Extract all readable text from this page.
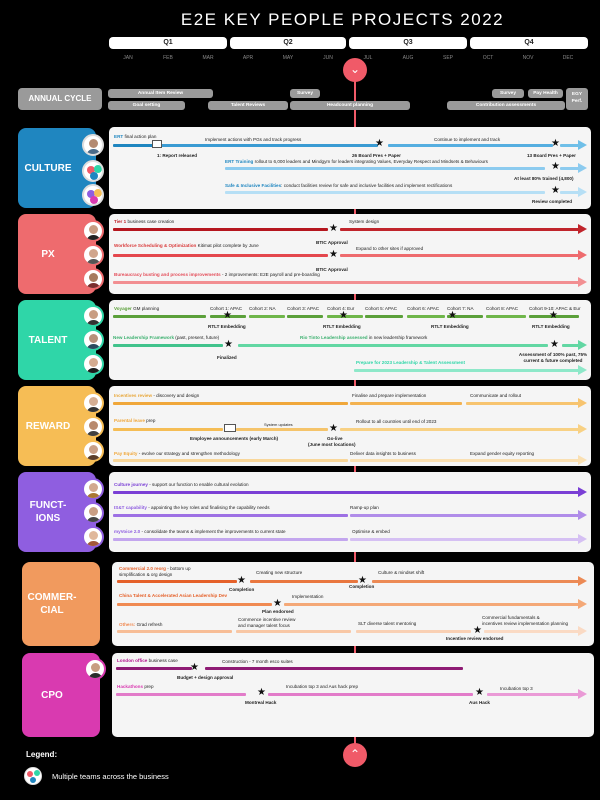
E2E KEY PEOPLE PROJECTS 2022
Q1	Q2	Q3	Q4
JAN	FEB	MAR	APR	MAY	JUN	JUL	AUG	SEP	OCT	NOV	DEC
⌄
ANNUAL CYCLE
Annual Item Review	Survey	Survey	Pay Health
Goal setting	Talent Reviews	Headcount planning	Contribution assessments
EGY Perf.
CULTURE
ERT final action plan
Implement actions with PGs and track progress	Continue to implement and track
1: Report released
★
26 Board Pres + Paper
★
13 Board Pres + Paper
ERT Training rollout to 6,000 leaders and Mindgym for leaders integrating Values, Everyday Respect and Mindsets & Behaviours	★
At least 80% trained (4,800)
Safe & Inclusive Facilities: conduct facilities review for safe and inclusive facilities and implement rectifications	★
Review completed
PX
Tier 1 business case creation	System design
★
BTIC Approval
Workforce Scheduling & Optimization Kitimat pilot complete by June
Expand to other sites if approved
★
BTIC Approval
Bureaucracy busting and process improvements - 2 improvements: E2E payroll and pre-boarding
TALENT
Voyager GM planning	Cohort 1: APAC Cohort 2: NA Cohort 3: APAC Cohort 4: Eur Cohort 5: APAC Cohort 6: APAC Cohort 7: NA	Cohort 8: APAC Cohort 9-10: APAC & Eur
★	★	★	★
RTLT Embedding	RTLT Embedding	RTLT Embedding	RTLT Embedding
New Leadership Framework (past, present, future)	Rio Tinto Leadership assessed in new leadership framework
★
Finalized
★
Assessment of 100% past, 75% current & future completed
Prepare for 2023 Leadership & Talent Assessment
REWARD
Incentives review - discovery and design	Finalise and prepare implementation	Communicate and rollout
Parental leave prep
System updates
Rollout to all countries until end of 2023
Employee announcements (early March)
★
Go-live
(June most locations)
Pay Equity - evolve our strategy and strengthen methodology	Deliver data insights to business	Expand gender equity reporting
FUNCT-
IONS
Culture journey - support our function to enable cultural evolution
IS&T capability - appointing the key roles and finalising the capability needs	Ramp-up plan
myVoice 2.0 - consolidate the teams & implement the improvements to current state	Optimise & embed
COMMER-
CIAL
Commercial 2.0 reorg - bottom up
simplification & org design	Creating new structure	Culture & mindset shift
★
Completion
★
Completion
China Talent & Accelerated Asian Leadership Dev	Implementation
★
Plan endorsed
Others: Grad refresh
Commence incentive review
and manager talent focus	SLT diverse talent mentoring
Commercial fundamentals &
incentives review implementation planning
★
Incentive review endorsed
CPO
London office business case	Construction - 7 month esco suites
★
Budget + design approval
Hackathons prep	Incubation top 3 and Aus hack prep	Incubation top 3
★
Montreal Hack
★
Aus Hack
⌃
Legend:
Multiple teams across the business
